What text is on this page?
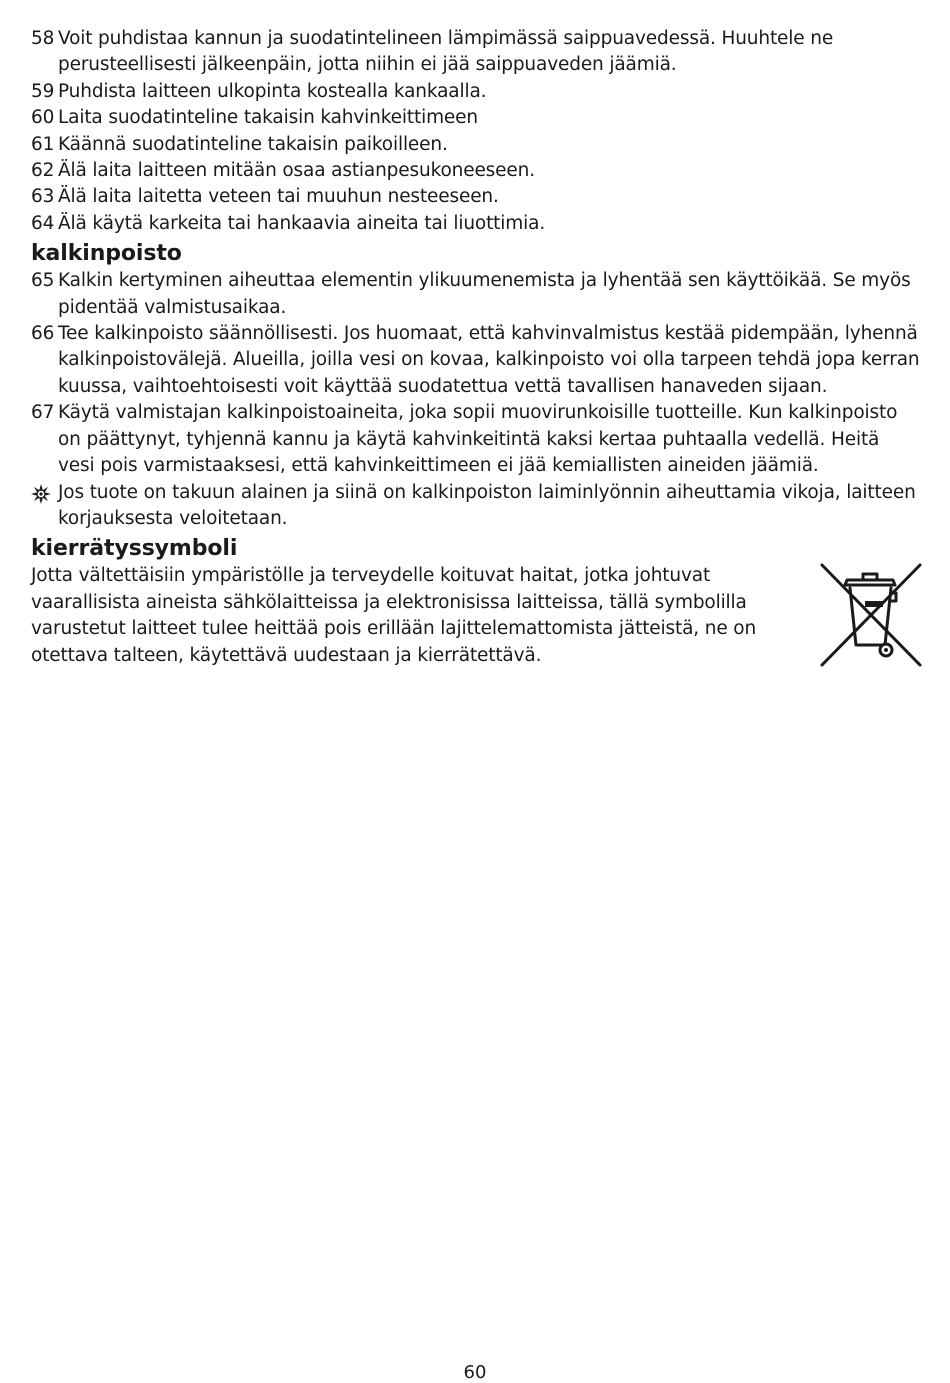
58 Voit puhdistaa kannun ja suodatintelineen lämpimässä saippuavedessä. Huuhtele ne perusteellisesti jälkeenpäin, jotta niihin ei jää saippuaveden jäämiä.
59 Puhdista laitteen ulkopinta kostealla kankaalla.
60 Laita suodatinteline takaisin kahvinkeittimeen
61 Käännä suodatinteline takaisin paikoilleen.
62 Älä laita laitteen mitään osaa astianpesukoneeseen.
63 Älä laita laitetta veteen tai muuhun nesteeseen.
64 Älä käytä karkeita tai hankaavia aineita tai liuottimia.
kalkinpoisto
65 Kalkin kertyminen aiheuttaa elementin ylikuumenemista ja lyhentää sen käyttöikää. Se myös pidentää valmistusaikaa.
66 Tee kalkinpoisto säännöllisesti. Jos huomaat, että kahvinvalmistus kestää pidempään, lyhennä kalkinpoistovälejä. Alueilla, joilla vesi on kovaa, kalkinpoisto voi olla tarpeen tehdä jopa kerran kuussa, vaihtoehtoisesti voit käyttää suodatettua vettä tavallisen hanaveden sijaan.
67 Käytä valmistajan kalkinpoistoaineita, joka sopii muovirunkoisille tuotteille. Kun kalkinpoisto on päättynyt, tyhjennä kannu ja käytä kahvinkeitintä kaksi kertaa puhtaalla vedellä. Heitä vesi pois varmistaaksesi, että kahvinkeittimeen ei jää kemiallisten aineiden jäämiä.
Jos tuote on takuun alainen ja siinä on kalkinpoiston laiminlyönnin aiheuttamia vikoja, laitteen korjauksesta veloitetaan.
kierrätyssymboli
Jotta vältettäisiin ympäristölle ja terveydelle koituvat haitat, jotka johtuvat vaarallisista aineista sähkölaitteissa ja elektronisissa laitteissa, tällä symbolilla varustetut laitteet tulee heittää pois erillään lajittelemattomista jätteistä, ne on otettava talteen, käytettävä uudestaan ja kierrätettävä.
60
